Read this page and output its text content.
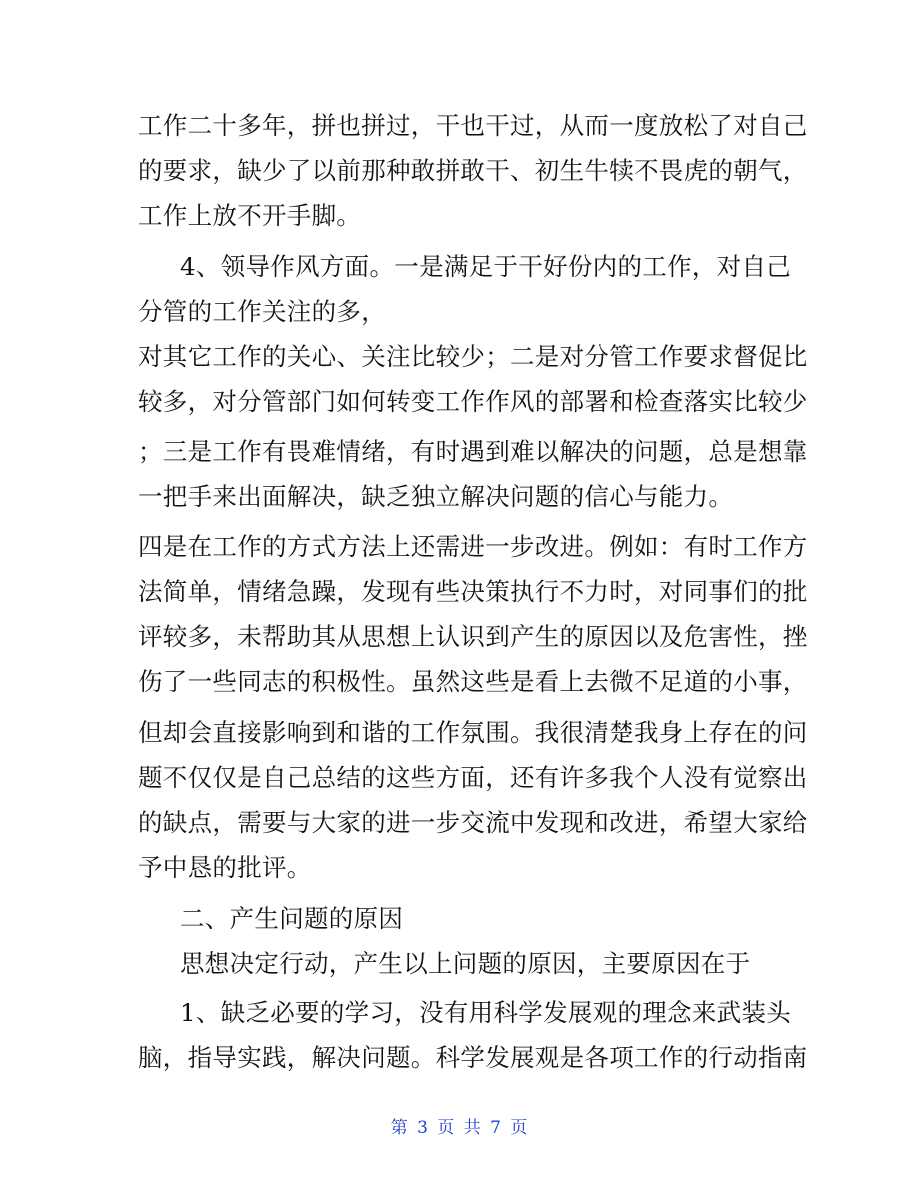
工作二十多年，拼也拼过，干也干过，从而一度放松了对自己
的要求，缺少了以前那种敢拼敢干、初生牛犊不畏虎的朝气，
工作上放不开手脚。
4、领导作风方面。一是满足于干好份内的工作，对自己
分管的工作关注的多，
对其它工作的关心、关注比较少；二是对分管工作要求督促比
较多，对分管部门如何转变工作作风的部署和检查落实比较少
；三是工作有畏难情绪，有时遇到难以解决的问题，总是想靠
一把手来出面解决，缺乏独立解决问题的信心与能力。
四是在工作的方式方法上还需进一步改进。例如：有时工作方
法简单，情绪急躁，发现有些决策执行不力时，对同事们的批
评较多，未帮助其从思想上认识到产生的原因以及危害性，挫
伤了一些同志的积极性。虽然这些是看上去微不足道的小事，
但却会直接影响到和谐的工作氛围。我很清楚我身上存在的问
题不仅仅是自己总结的这些方面，还有许多我个人没有觉察出
的缺点，需要与大家的进一步交流中发现和改进，希望大家给
予中恳的批评。
二、产生问题的原因
思想决定行动，产生以上问题的原因，主要原因在于
1、缺乏必要的学习，没有用科学发展观的理念来武装头
脑，指导实践，解决问题。科学发展观是各项工作的行动指南
第 3 页 共 7 页
